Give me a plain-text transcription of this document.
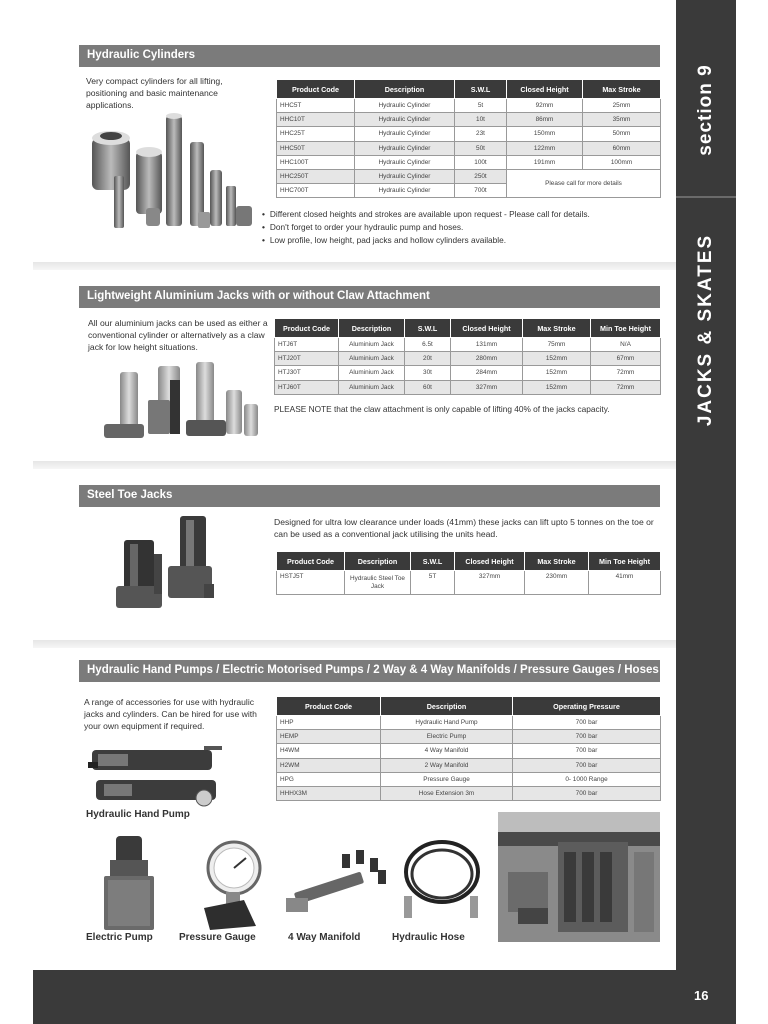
section 9
JACKS & SKATES
16
Hydraulic Cylinders
Very compact cylinders for all lifting, positioning and basic maintenance applications.
Product Code	Description	S.W.L	Closed Height	Max Stroke
HHC5T	Hydraulic Cylinder	5t	92mm	25mm
HHC10T	Hydraulic Cylinder	10t	86mm	35mm
HHC25T	Hydraulic Cylinder	23t	150mm	50mm
HHC50T	Hydraulic Cylinder	50t	122mm	60mm
HHC100T	Hydraulic Cylinder	100t	191mm	100mm
HHC250T	Hydraulic Cylinder	250t	Please call for more details	
HHC700T	Hydraulic Cylinder	700t		
• Different closed heights and strokes are available upon request - Please call for details.
• Don't forget to order your hydraulic pump and hoses.
• Low profile, low height, pad jacks and hollow cylinders available.
Lightweight Aluminium Jacks with or without Claw Attachment
All our aluminium jacks can be used as either a conventional cylinder or alternatively as a claw jack for low height situations.
Product Code	Description	S.W.L	Closed Height	Max Stroke	Min Toe Height
HTJ6T	Aluminium Jack	6.5t	131mm	75mm	N/A
HTJ20T	Aluminium Jack	20t	280mm	152mm	67mm
HTJ30T	Aluminium Jack	30t	284mm	152mm	72mm
HTJ60T	Aluminium Jack	60t	327mm	152mm	72mm
PLEASE NOTE that the claw attachment is only capable of lifting 40% of the jacks capacity.
Steel Toe Jacks
Designed for ultra low clearance under loads (41mm) these jacks can lift upto 5 tonnes on the toe or can be used as a conventional jack utilising the units head.
Product Code	Description	S.W.L	Closed Height	Max Stroke	Min Toe Height
HSTJ5T	Hydraulic Steel Toe Jack	5T	327mm	230mm	41mm
Hydraulic Hand Pumps / Electric Motorised Pumps / 2 Way & 4 Way Manifolds / Pressure Gauges / Hoses
A range of accessories for use with hydraulic jacks and cylinders. Can be hired for use with your own equipment if required.
Product Code	Description	Operating Pressure
HHP	Hydraulic Hand Pump	700 bar
HEMP	Electric Pump	700 bar
H4WM	4 Way Manifold	700 bar
H2WM	2 Way Manifold	700 bar
HPG	Pressure Gauge	0- 1000 Range
HHHX3M	Hose Extension 3m	700 bar
Hydraulic Hand Pump
Electric Pump	Pressure Gauge	4 Way Manifold	Hydraulic Hose
